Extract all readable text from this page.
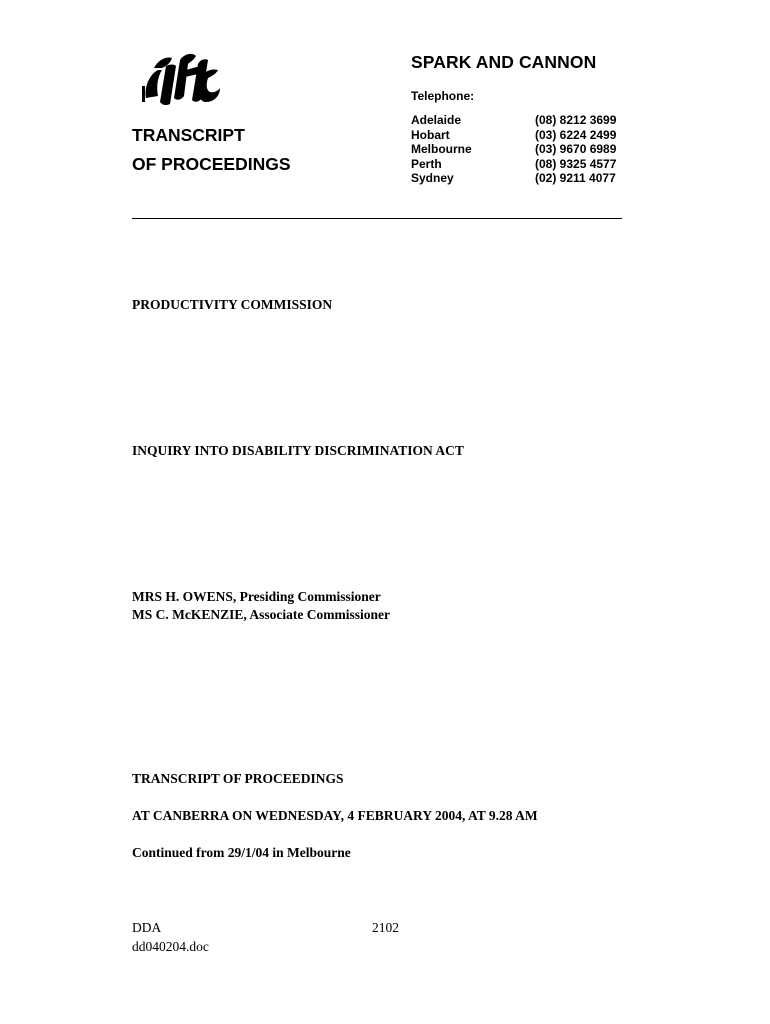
SPARK AND CANNON
Telephone:
Adelaide	(08) 8212 3699
Hobart	(03) 6224 2499
Melbourne	(03) 9670 6989
Perth	(08) 9325 4577
Sydney	(02) 9211 4077
TRANSCRIPT
OF PROCEEDINGS
PRODUCTIVITY COMMISSION
INQUIRY INTO DISABILITY DISCRIMINATION ACT
MRS H. OWENS, Presiding Commissioner
MS C. McKENZIE, Associate Commissioner
TRANSCRIPT OF PROCEEDINGS
AT CANBERRA ON WEDNESDAY, 4 FEBRUARY 2004, AT 9.28 AM
Continued from 29/1/04 in Melbourne
DDA	2102
dd040204.doc
